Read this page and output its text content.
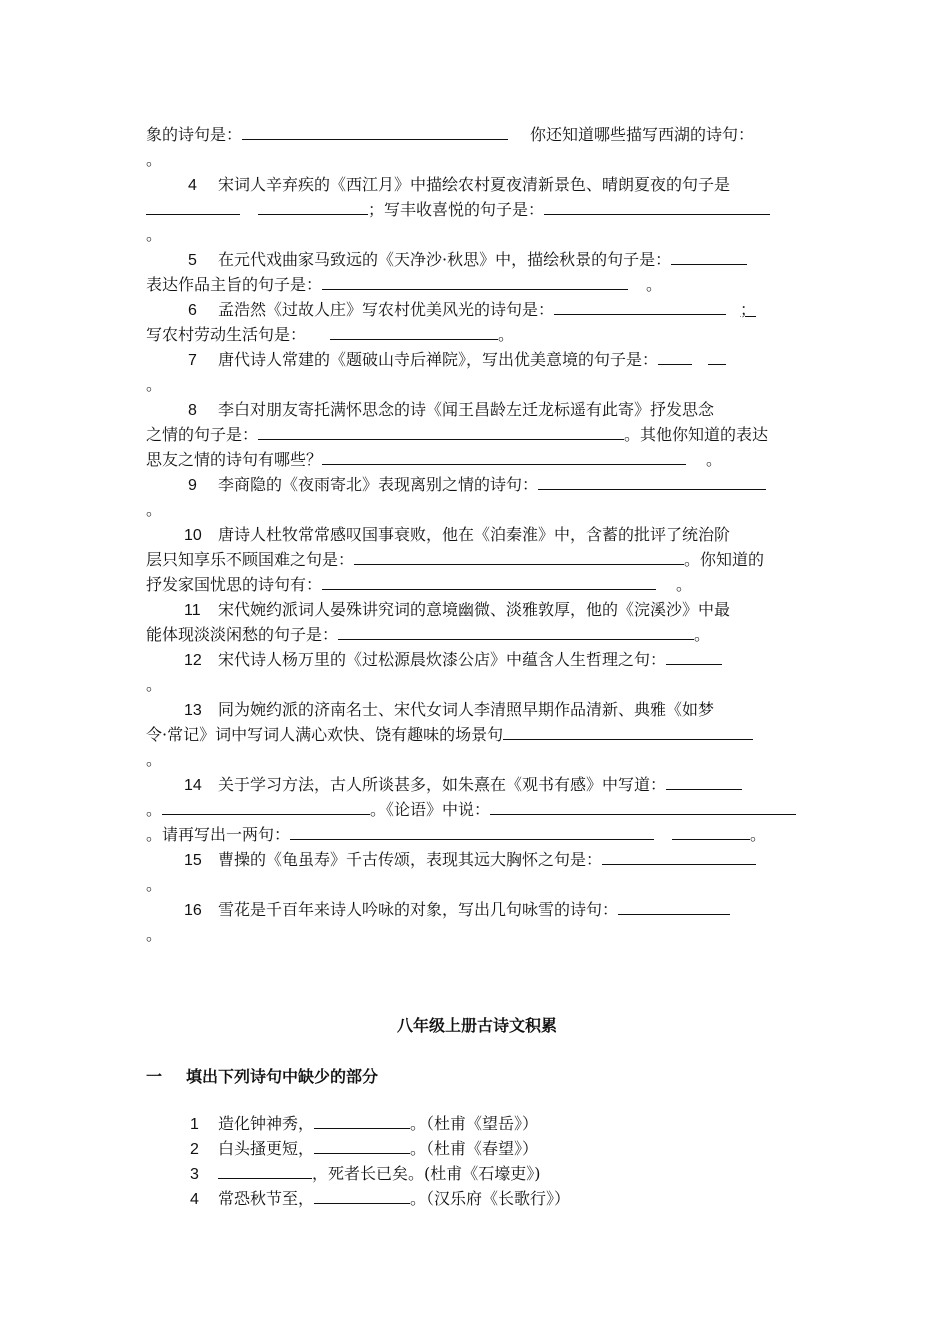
象的诗句是：	你还知道哪些描写西湖的诗句：
。
4 宋词人辛弃疾的《西江月》中描绘农村夏夜清新景色、晴朗夏夜的句子是
；写丰收喜悦的句子是：
。
5 在元代戏曲家马致远的《天净沙·秋思》中，描绘秋景的句子是：
表达作品主旨的句子是：	。
6 孟浩然《过故人庄》写农村优美风光的诗句是：	；
写农村劳动生活句是：	。
7 唐代诗人常建的《题破山寺后禅院》，写出优美意境的句子是：
。
8 李白对朋友寄托满怀思念的诗《闻王昌龄左迁龙标遥有此寄》抒发思念
之情的句子是：	。其他你知道的表达
思友之情的诗句有哪些？	。
9 李商隐的《夜雨寄北》表现离别之情的诗句：
。
10 唐诗人杜牧常常感叹国事衰败，他在《泊秦淮》中，含蓄的批评了统治阶
层只知享乐不顾国难之句是：	。你知道的
抒发家国忧思的诗句有：	。
11 宋代婉约派词人晏殊讲究词的意境幽微、淡雅敦厚，他的《浣溪沙》中最
能体现淡淡闲愁的句子是：	。
12 宋代诗人杨万里的《过松源晨炊漆公店》中蕴含人生哲理之句：
。
13 同为婉约派的济南名士、宋代女词人李清照早期作品清新、典雅《如梦
令·常记》词中写词人满心欢快、饶有趣味的场景句
。
14 关于学习方法，古人所谈甚多，如朱熹在《观书有感》中写道：
。	。《论语》中说：
。请再写出一两句：	。
15 曹操的《龟虽寿》千古传颂，表现其远大胸怀之句是：
。
16 雪花是千百年来诗人吟咏的对象，写出几句咏雪的诗句：
。
八年级上册古诗文积累
一 填出下列诗句中缺少的部分
1 造化钟神秀，	。（杜甫《望岳》）
2 白头搔更短，	。（杜甫《春望》）
3	，死者长已矣。(杜甫《石壕吏》)
4 常恐秋节至，	。（汉乐府《长歌行》）
